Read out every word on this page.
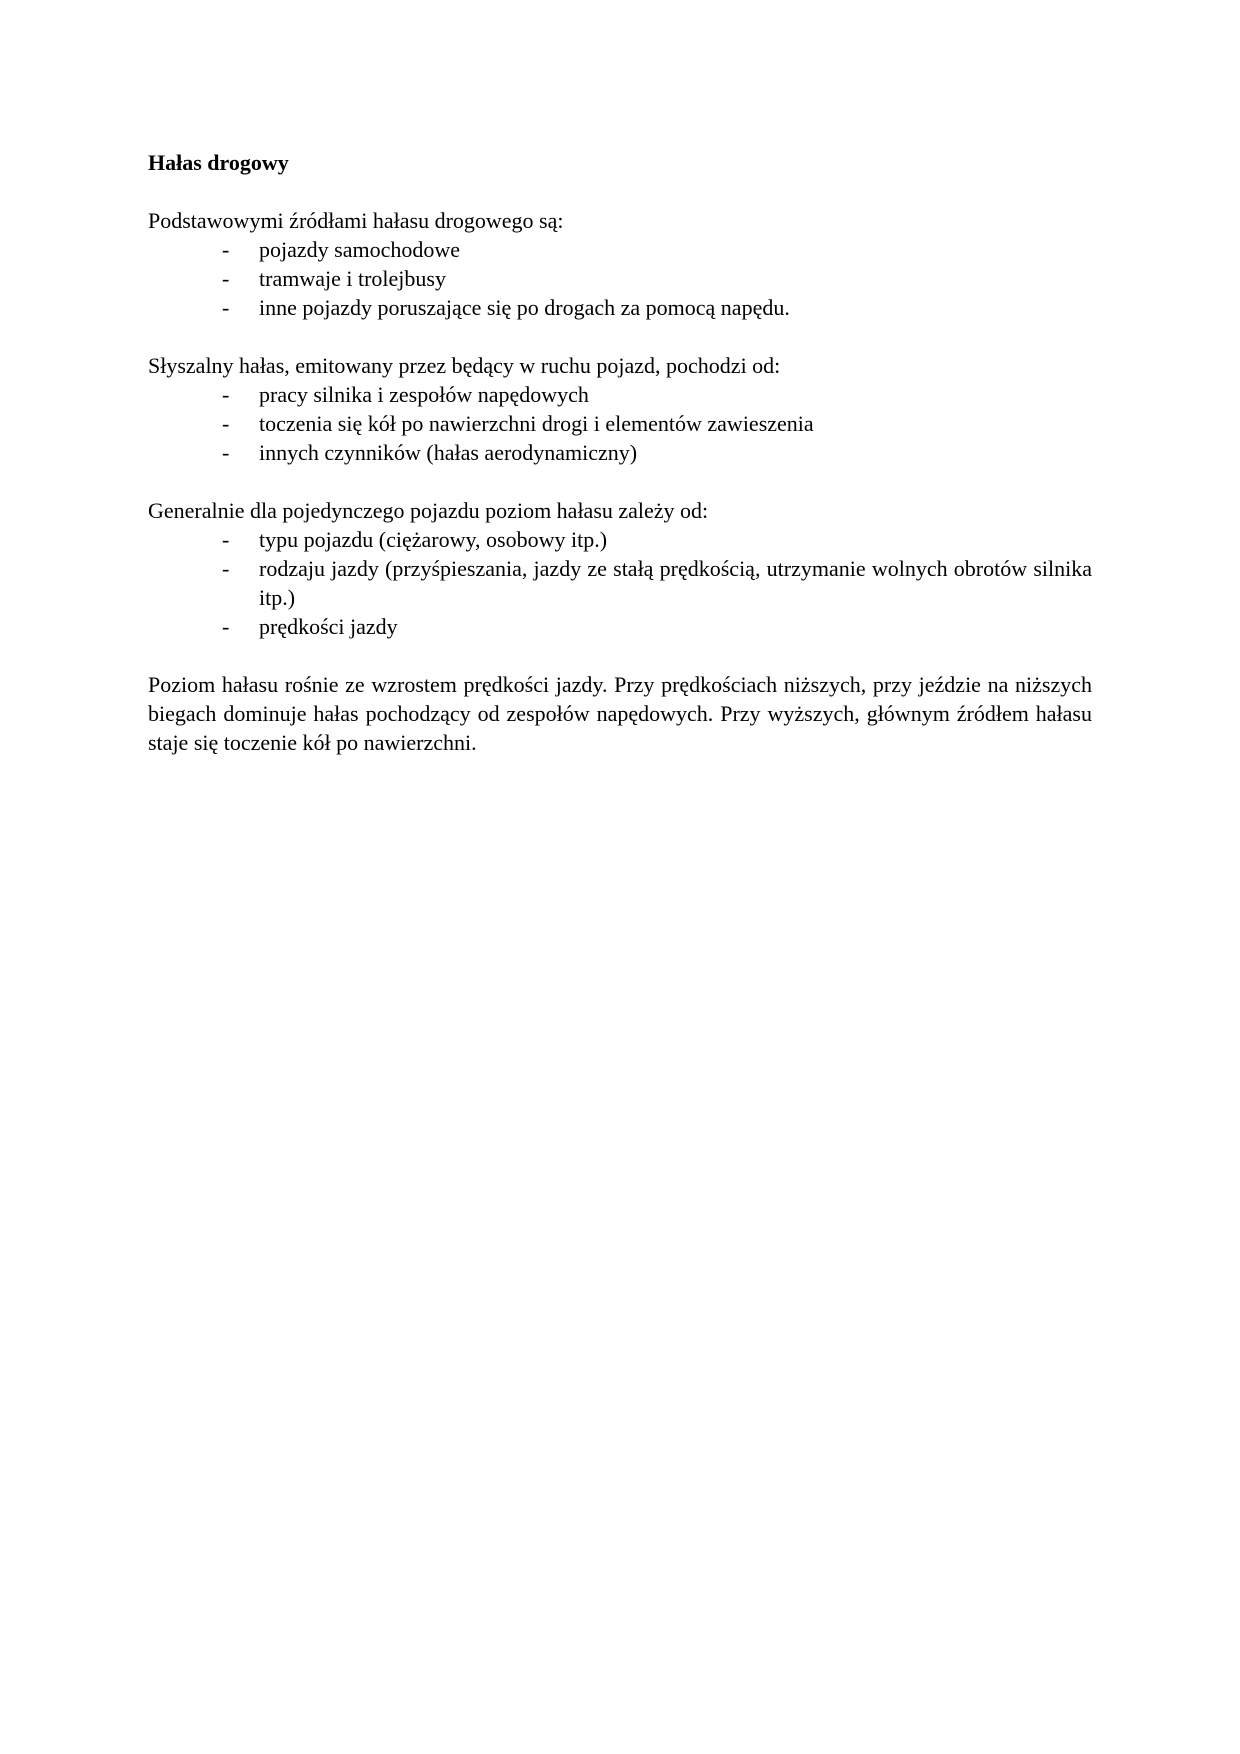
Hałas drogowy

Podstawowymi źródłami hałasu drogowego są:

- pojazdy samochodowe
- tramwaje i trolejbusy
- inne pojazdy poruszające się po drogach za pomocą napędu.

Słyszalny hałas, emitowany przez będący w ruchu pojazd, pochodzi od:

- pracy silnika i zespołów napędowych
- toczenia się kół po nawierzchni drogi i elementów zawieszenia
- innych czynników (hałas aerodynamiczny)

Generalnie dla pojedynczego pojazdu poziom hałasu zależy od:

- typu pojazdu (ciężarowy, osobowy itp.)
- rodzaju jazdy (przyśpieszania, jazdy ze stałą prędkością, utrzymanie wolnych obrotów silnika itp.)
- prędkości jazdy

Poziom hałasu rośnie ze wzrostem prędkości jazdy. Przy prędkościach niższych, przy jeździe na niższych biegach dominuje hałas pochodzący od zespołów napędowych. Przy wyższych, głównym źródłem hałasu staje się toczenie kół po nawierzchni.
